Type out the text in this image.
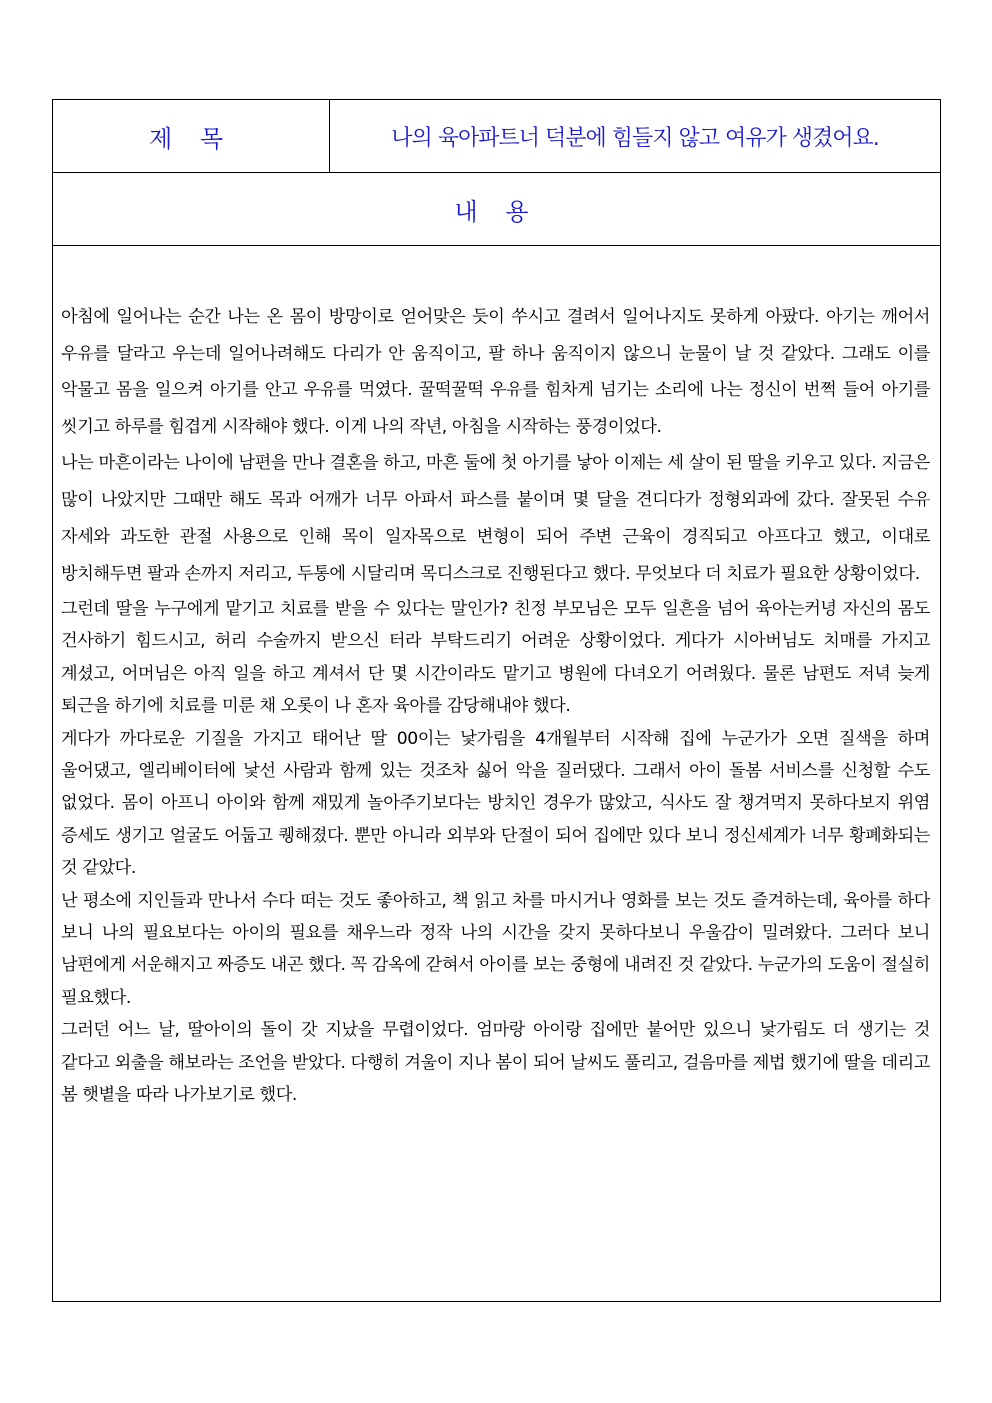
제 목	나의 육아파트너 덕분에 힘들지 않고 여유가 생겼어요.
내 용

아침에 일어나는 순간 나는 온 몸이 방망이로 얻어맞은 듯이 쑤시고 결려서 일어나지도 못하게 아팠다. 아기는 깨어서 우유를 달라고 우는데 일어나려해도 다리가 안 움직이고, 팔 하나 움직이지 않으니 눈물이 날 것 같았다. 그래도 이를 악물고 몸을 일으켜 아기를 안고 우유를 먹였다. 꿀떡꿀떡 우유를 힘차게 넘기는 소리에 나는 정신이 번쩍 들어 아기를 씻기고 하루를 힘겹게 시작해야 했다. 이게 나의 작년, 아침을 시작하는 풍경이었다.

나는 마흔이라는 나이에 남편을 만나 결혼을 하고, 마흔 둘에 첫 아기를 낳아 이제는 세 살이 된 딸을 키우고 있다. 지금은 많이 나았지만 그때만 해도 목과 어깨가 너무 아파서 파스를 붙이며 몇 달을 견디다가 정형외과에 갔다. 잘못된 수유 자세와 과도한 관절 사용으로 인해 목이 일자목으로 변형이 되어 주변 근육이 경직되고 아프다고 했고, 이대로 방치해두면 팔과 손까지 저리고, 두통에 시달리며 목디스크로 진행된다고 했다. 무엇보다 더 치료가 필요한 상황이었다.

그런데 딸을 누구에게 맡기고 치료를 받을 수 있다는 말인가? 친정 부모님은 모두 일흔을 넘어 육아는커녕 자신의 몸도 건사하기 힘드시고, 허리 수술까지 받으신 터라 부탁드리기 어려운 상황이었다. 게다가 시아버님도 치매를 가지고 계셨고, 어머님은 아직 일을 하고 계셔서 단 몇 시간이라도 맡기고 병원에 다녀오기 어려웠다. 물론 남편도 저녁 늦게 퇴근을 하기에 치료를 미룬 채 오롯이 나 혼자 육아를 감당해내야 했다.

게다가 까다로운 기질을 가지고 태어난 딸 00이는 낯가림을 4개월부터 시작해 집에 누군가가 오면 질색을 하며 울어댔고, 엘리베이터에 낯선 사람과 함께 있는 것조차 싫어 악을 질러댔다. 그래서 아이 돌봄 서비스를 신청할 수도 없었다. 몸이 아프니 아이와 함께 재밌게 놀아주기보다는 방치인 경우가 많았고, 식사도 잘 챙겨먹지 못하다보지 위염 증세도 생기고 얼굴도 어둡고 퀭해졌다. 뿐만 아니라 외부와 단절이 되어 집에만 있다 보니 정신세계가 너무 황폐화되는 것 같았다.

난 평소에 지인들과 만나서 수다 떠는 것도 좋아하고, 책 읽고 차를 마시거나 영화를 보는 것도 즐겨하는데, 육아를 하다 보니 나의 필요보다는 아이의 필요를 채우느라 정작 나의 시간을 갖지 못하다보니 우울감이 밀려왔다. 그러다 보니 남편에게 서운해지고 짜증도 내곤 했다. 꼭 감옥에 갇혀서 아이를 보는 중형에 내려진 것 같았다. 누군가의 도움이 절실히 필요했다.

그러던 어느 날, 딸아이의 돌이 갓 지났을 무렵이었다. 엄마랑 아이랑 집에만 붙어만 있으니 낯가림도 더 생기는 것 같다고 외출을 해보라는 조언을 받았다. 다행히 겨울이 지나 봄이 되어 날씨도 풀리고, 걸음마를 제법 했기에 딸을 데리고 봄 햇볕을 따라 나가보기로 했다.
